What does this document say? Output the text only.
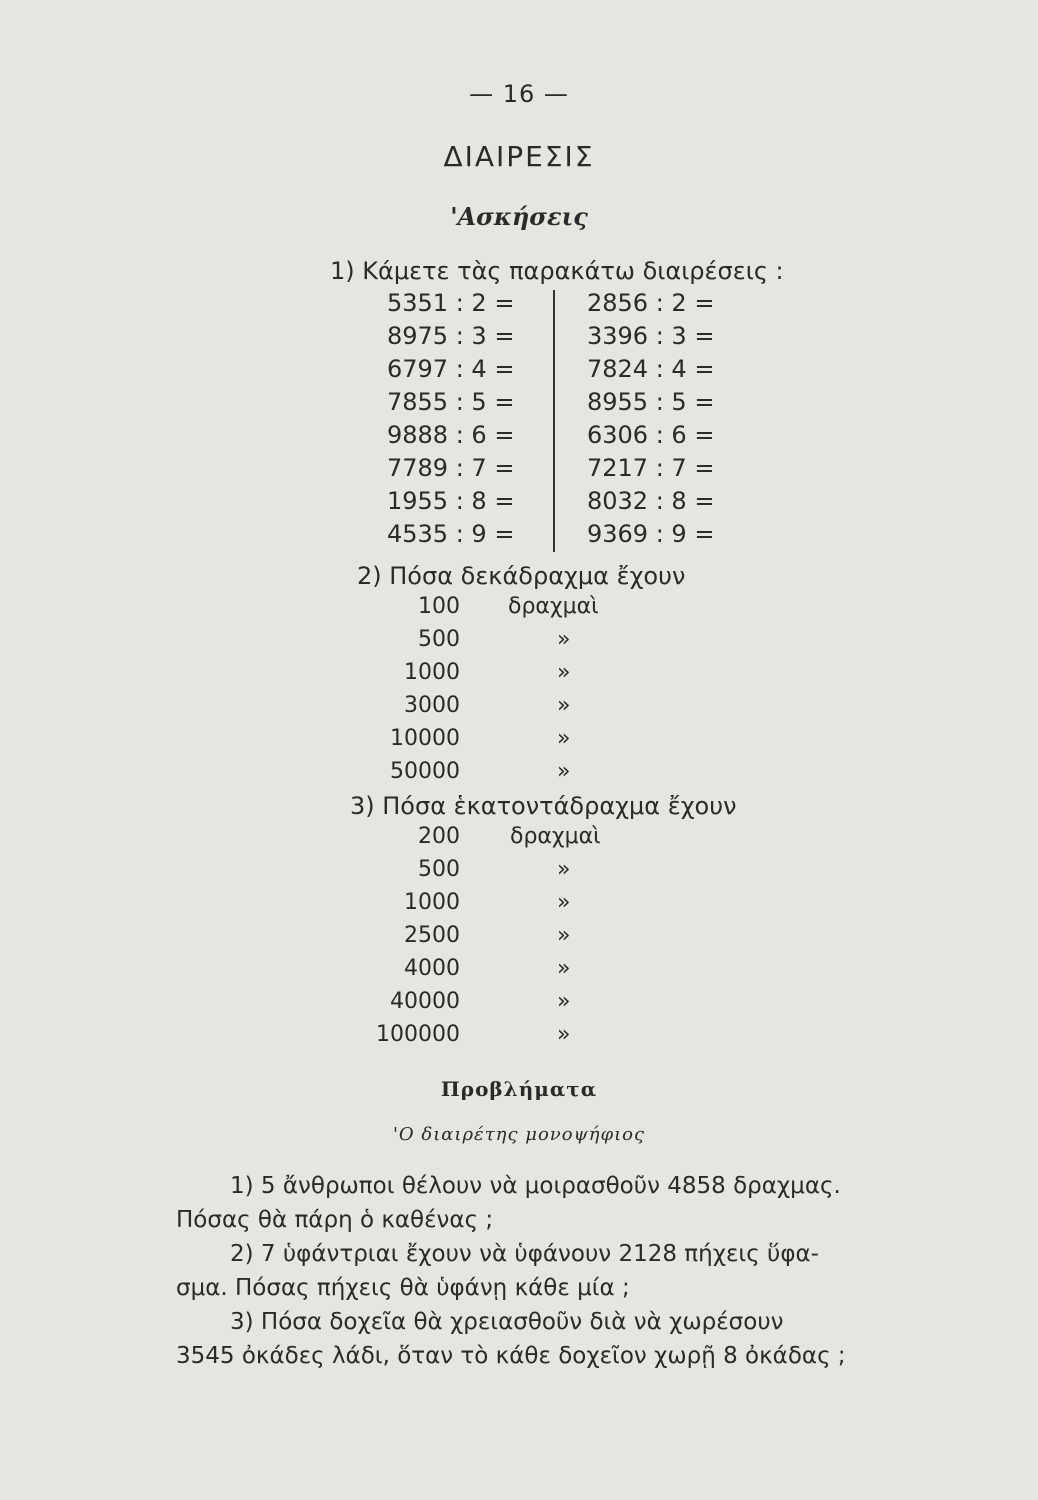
— 16 —
ΔΙΑΙΡΕΣΙΣ
'Ασκήσεις
1) Κάμετε τὰς παρακάτω διαιρέσεις :
5351 : 2 =
8975 : 3 =
6797 : 4 =
7855 : 5 =
9888 : 6 =
7789 : 7 =
1955 : 8 =
4535 : 9 =
2856 : 2 =
3396 : 3 =
7824 : 4 =
8955 : 5 =
6306 : 6 =
7217 : 7 =
8032 : 8 =
9369 : 9 =
2) Πόσα δεκάδραχμα ἔχουν
100
500
1000
3000
10000
50000
δραχμαὶ
»
»
»
»
»
3) Πόσα ἑκατοντάδραχμα ἔχουν
200
500
1000
2500
4000
40000
100000
δραχμαὶ
»
»
»
»
»
»
Προβλήματα
'Ο διαιρέτης μονοψήφιος
1) 5 ἄνθρωποι θέλουν νὰ μοιρασθοῦν 4858 δραχμας.
Πόσας θὰ πάρη ὁ καθένας ;
2) 7 ὑφάντριαι ἔχουν νὰ ὑφάνουν 2128 πήχεις ὕφα-
σμα. Πόσας πήχεις θὰ ὑφάνῃ κάθε μία ;
3) Πόσα δοχεῖα θὰ χρειασθοῦν διὰ νὰ χωρέσουν
3545 ὀκάδες λάδι, ὅταν τὸ κάθε δοχεῖον χωρῇ 8 ὀκάδας ;
